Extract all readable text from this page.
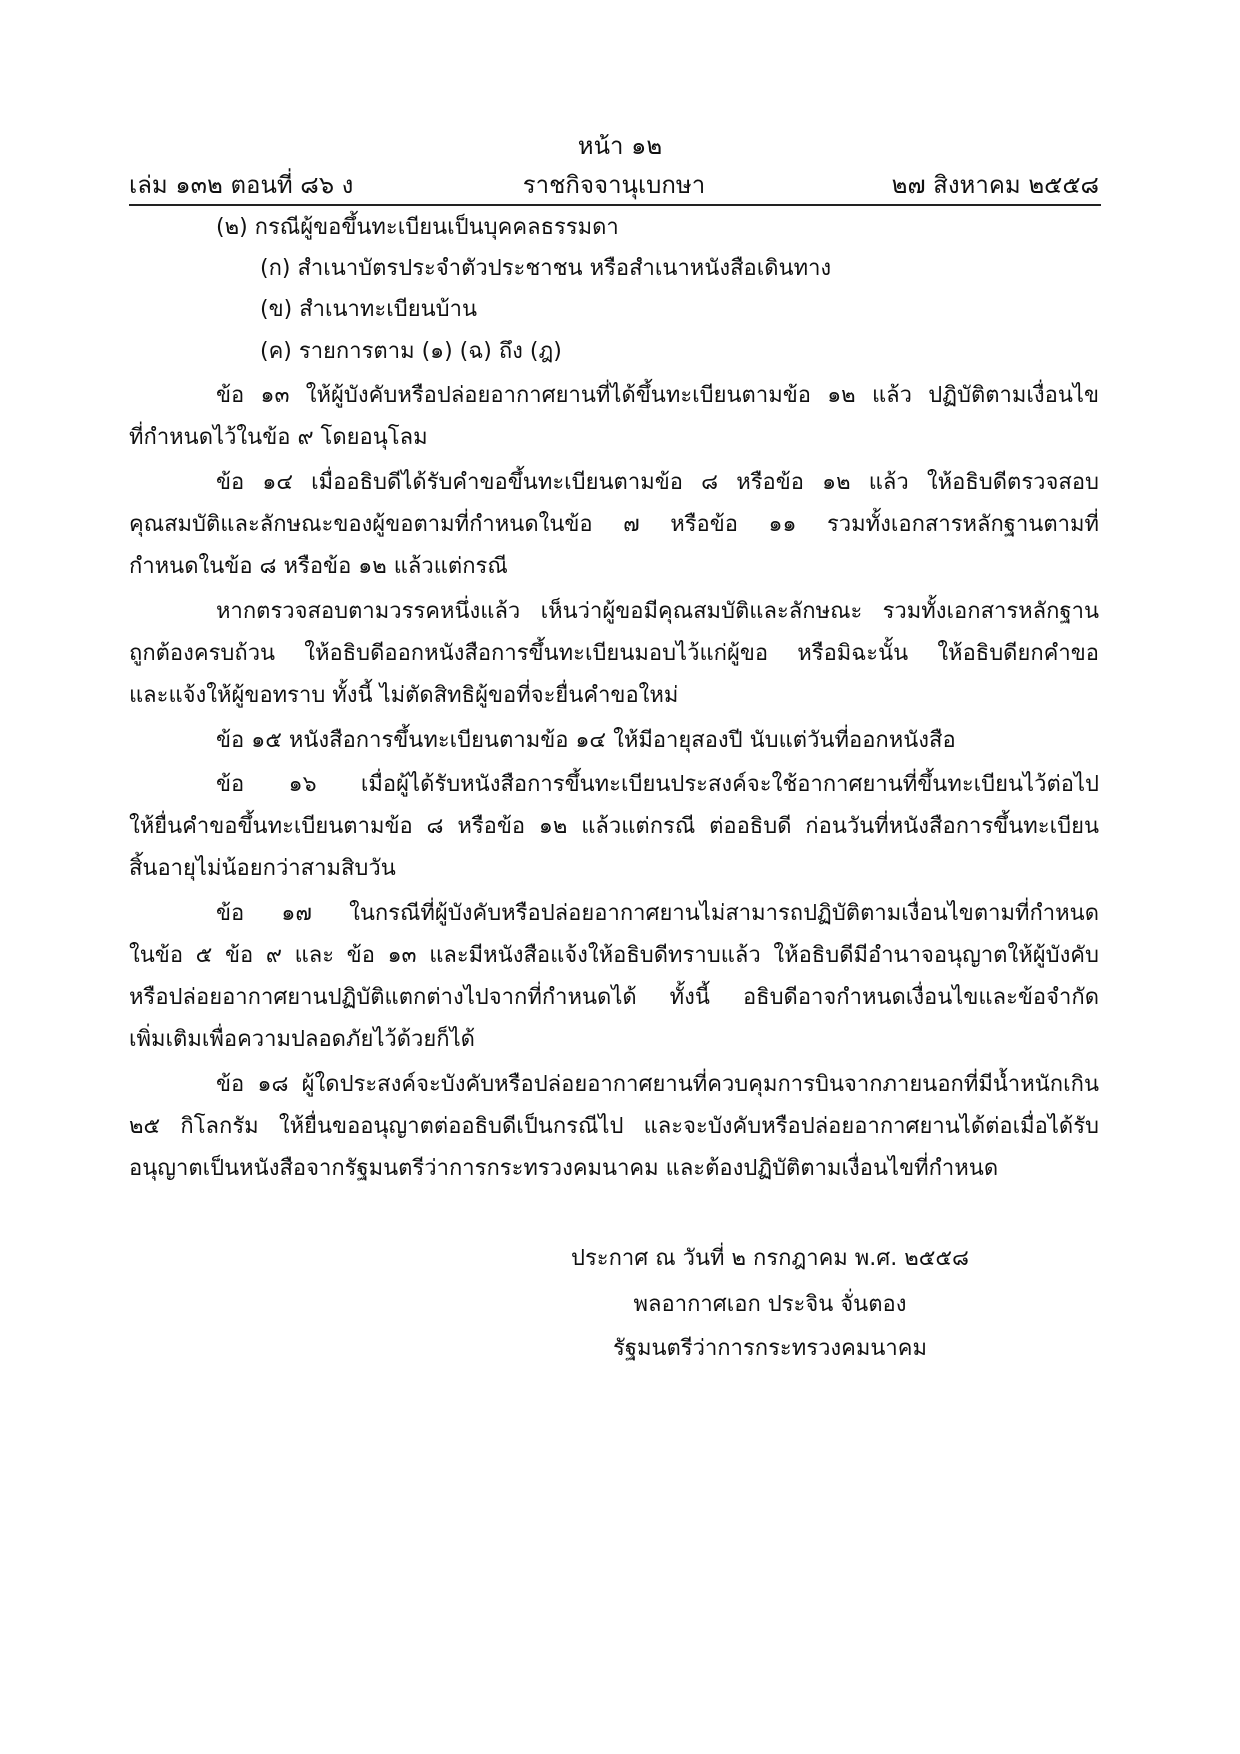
หน้า ๑๒
เล่ม ๑๓๒ ตอนที่ ๘๖ ง	ราชกิจจานุเบกษา	๒๗ สิงหาคม ๒๕๕๘
(๒) กรณีผู้ขอขึ้นทะเบียนเป็นบุคคลธรรมดา
(ก) สำเนาบัตรประจำตัวประชาชน หรือสำเนาหนังสือเดินทาง
(ข) สำเนาทะเบียนบ้าน
(ค) รายการตาม (๑) (ฉ) ถึง (ฎ)
ข้อ ๑๓ ให้ผู้บังคับหรือปล่อยอากาศยานที่ได้ขึ้นทะเบียนตามข้อ ๑๒ แล้ว ปฏิบัติตามเงื่อนไข
ที่กำหนดไว้ในข้อ ๙ โดยอนุโลม
ข้อ ๑๔ เมื่ออธิบดีได้รับคำขอขึ้นทะเบียนตามข้อ ๘ หรือข้อ ๑๒ แล้ว ให้อธิบดีตรวจสอบ
คุณสมบัติและลักษณะของผู้ขอตามที่กำหนดในข้อ ๗ หรือข้อ ๑๑ รวมทั้งเอกสารหลักฐานตามที่
กำหนดในข้อ ๘ หรือข้อ ๑๒ แล้วแต่กรณี
หากตรวจสอบตามวรรคหนึ่งแล้ว เห็นว่าผู้ขอมีคุณสมบัติและลักษณะ รวมทั้งเอกสารหลักฐาน
ถูกต้องครบถ้วน ให้อธิบดีออกหนังสือการขึ้นทะเบียนมอบไว้แก่ผู้ขอ หรือมิฉะนั้น ให้อธิบดียกคำขอ
และแจ้งให้ผู้ขอทราบ ทั้งนี้ ไม่ตัดสิทธิผู้ขอที่จะยื่นคำขอใหม่
ข้อ ๑๕ หนังสือการขึ้นทะเบียนตามข้อ ๑๔ ให้มีอายุสองปี นับแต่วันที่ออกหนังสือ
ข้อ ๑๖ เมื่อผู้ได้รับหนังสือการขึ้นทะเบียนประสงค์จะใช้อากาศยานที่ขึ้นทะเบียนไว้ต่อไป
ให้ยื่นคำขอขึ้นทะเบียนตามข้อ ๘ หรือข้อ ๑๒ แล้วแต่กรณี ต่ออธิบดี ก่อนวันที่หนังสือการขึ้นทะเบียน
สิ้นอายุไม่น้อยกว่าสามสิบวัน
ข้อ ๑๗ ในกรณีที่ผู้บังคับหรือปล่อยอากาศยานไม่สามารถปฏิบัติตามเงื่อนไขตามที่กำหนด
ในข้อ ๕ ข้อ ๙ และ ข้อ ๑๓ และมีหนังสือแจ้งให้อธิบดีทราบแล้ว ให้อธิบดีมีอำนาจอนุญาตให้ผู้บังคับ
หรือปล่อยอากาศยานปฏิบัติแตกต่างไปจากที่กำหนดได้ ทั้งนี้ อธิบดีอาจกำหนดเงื่อนไขและข้อจำกัด
เพิ่มเติมเพื่อความปลอดภัยไว้ด้วยก็ได้
ข้อ ๑๘ ผู้ใดประสงค์จะบังคับหรือปล่อยอากาศยานที่ควบคุมการบินจากภายนอกที่มีน้ำหนักเกิน
๒๕ กิโลกรัม ให้ยื่นขออนุญาตต่ออธิบดีเป็นกรณีไป และจะบังคับหรือปล่อยอากาศยานได้ต่อเมื่อได้รับ
อนุญาตเป็นหนังสือจากรัฐมนตรีว่าการกระทรวงคมนาคม และต้องปฏิบัติตามเงื่อนไขที่กำหนด
ประกาศ ณ วันที่ ๒ กรกฎาคม พ.ศ. ๒๕๕๘
พลอากาศเอก ประจิน จั่นตอง
รัฐมนตรีว่าการกระทรวงคมนาคม
